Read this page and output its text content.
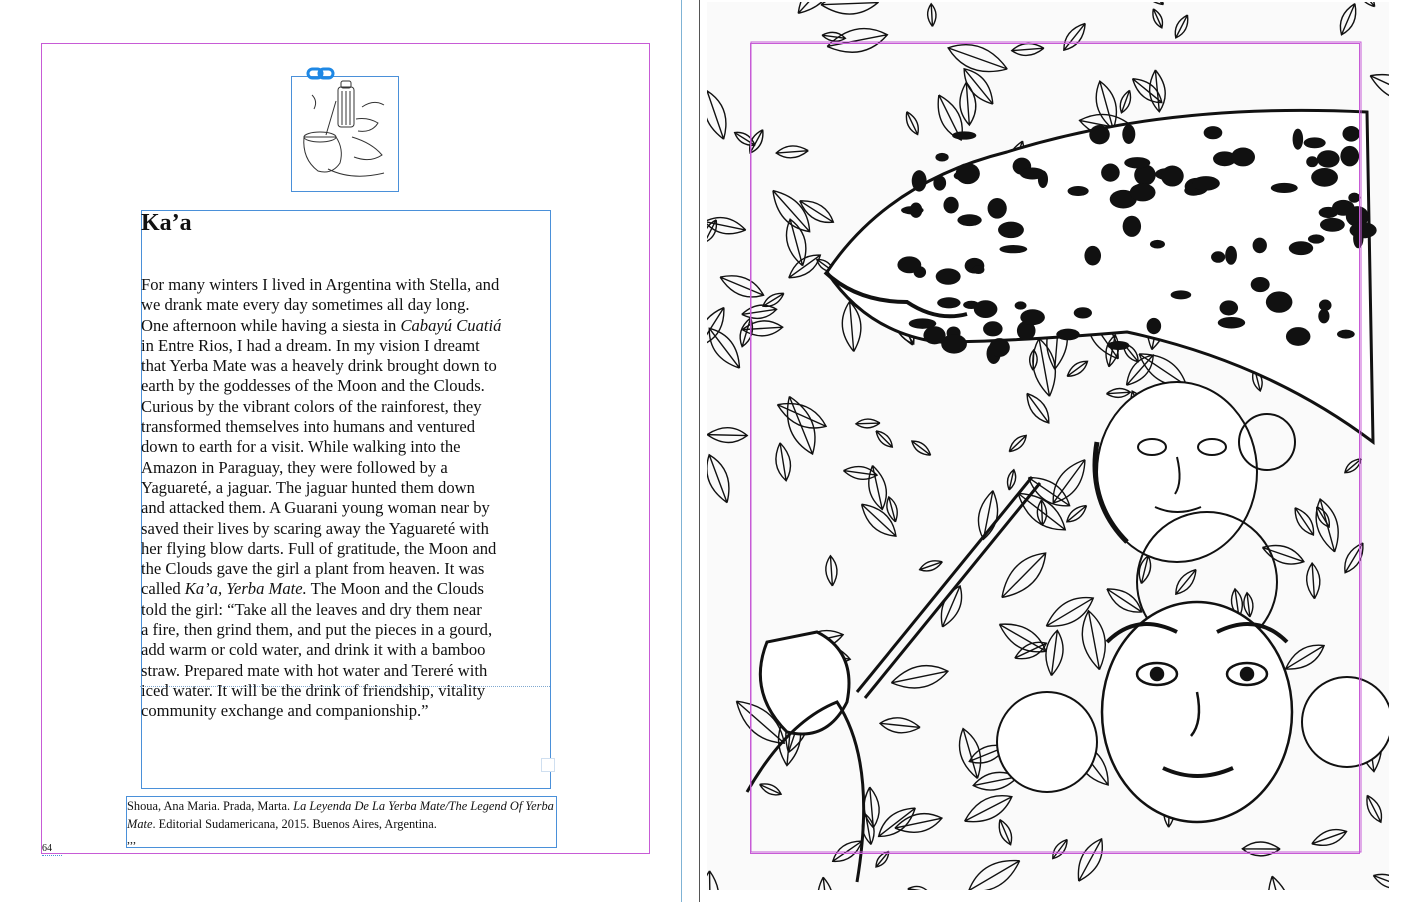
Ka’a
For many winters I lived in Argentina with Stella, and
we drank mate every day sometimes all day long.
One afternoon while having a siesta in Cabayú Cuatiá
in Entre Rios, I had a dream. In my vision I dreamt
that Yerba Mate was a heavely drink brought down to
earth by the goddesses of the Moon and the Clouds.
Curious by the vibrant colors of the rainforest, they
transformed themselves into humans and ventured
down to earth for a visit. While walking into the
Amazon in Paraguay, they were followed by a
Yaguareté, a jaguar. The jaguar hunted them down
and attacked them. A Guarani young woman near by
saved their lives by scaring away the Yaguareté with
her flying blow darts. Full of gratitude, the Moon and
the Clouds gave the girl a plant from heaven. It was
called Ka’a, Yerba Mate. The Moon and the Clouds
told the girl: “Take all the leaves and dry them near
a fire, then grind them, and put the pieces in a gourd,
add warm or cold water, and drink it with a bamboo
straw. Prepared mate with hot water and Tereré with
iced water. It will be the drink of friendship, vitality
community exchange and companionship.”
Shoua, Ana Maria. Prada, Marta. La Leyenda De La Yerba Mate/The Legend Of Yerba Mate. Editorial Sudamericana, 2015. Buenos Aires, Argentina.
,,,
64
